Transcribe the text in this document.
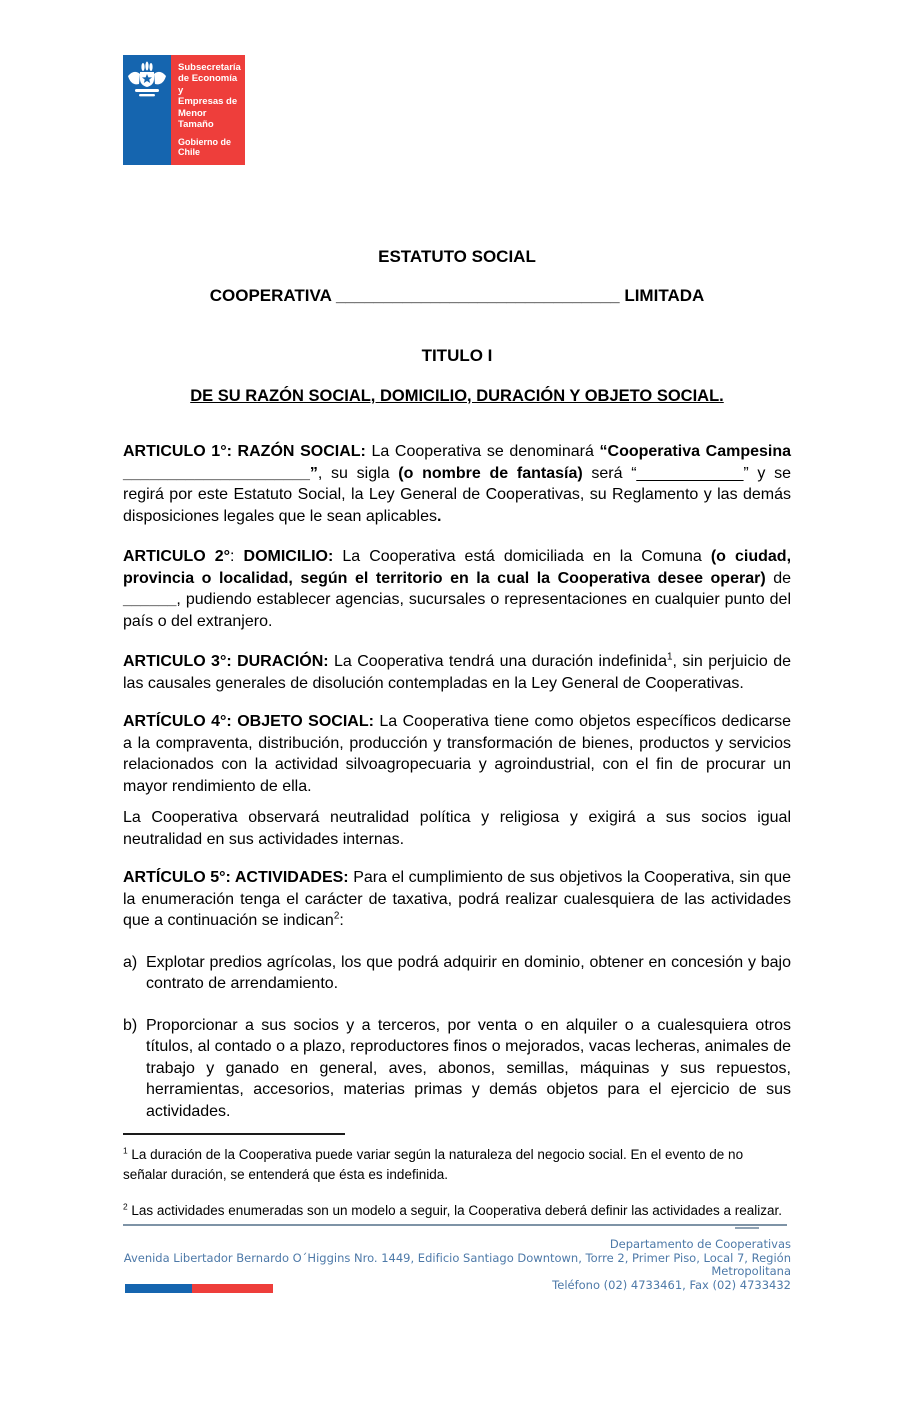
Subsecretaría
de Economía y
Empresas de
Menor Tamaño
Gobierno de Chile
ESTATUTO SOCIAL
COOPERATIVA ______________________________ LIMITADA
TITULO I
DE SU RAZÓN SOCIAL, DOMICILIO, DURACIÓN Y OBJETO SOCIAL.

ARTICULO 1°: RAZÓN SOCIAL: La Cooperativa se denominará “Cooperativa Campesina _____________________”, su sigla (o nombre de fantasía) será “____________” y se regirá por este Estatuto Social, la Ley General de Cooperativas, su Reglamento y las demás disposiciones legales que le sean aplicables.

ARTICULO 2°: DOMICILIO: La Cooperativa está domiciliada en la Comuna (o ciudad, provincia o localidad, según el territorio en la cual la Cooperativa desee operar) de ______, pudiendo establecer agencias, sucursales o representaciones en cualquier punto del país o del extranjero.

ARTICULO 3°: DURACIÓN: La Cooperativa tendrá una duración indefinida$^1$, sin perjuicio de las causales generales de disolución contempladas en la Ley General de Cooperativas.

ARTÍCULO 4°: OBJETO SOCIAL: La Cooperativa tiene como objetos específicos dedicarse a la compraventa, distribución, producción y transformación de bienes, productos y servicios relacionados con la actividad silvoagropecuaria y agroindustrial, con el fin de procurar un mayor rendimiento de ella.

La Cooperativa observará neutralidad política y religiosa y exigirá a sus socios igual neutralidad en sus actividades internas.

ARTÍCULO 5°: ACTIVIDADES: Para el cumplimiento de sus objetivos la Cooperativa, sin que la enumeración tenga el carácter de taxativa, podrá realizar cualesquiera de las actividades que a continuación se indican$^2$:

a) Explotar predios agrícolas, los que podrá adquirir en dominio, obtener en concesión y bajo contrato de arrendamiento.
b) Proporcionar a sus socios y a terceros, por venta o en alquiler o a cualesquiera otros títulos, al contado o a plazo, reproductores finos o mejorados, vacas lecheras, animales de trabajo y ganado en general, aves, abonos, semillas, máquinas y sus repuestos, herramientas, accesorios, materias primas y demás objetos para el ejercicio de sus actividades.

$^1$ La duración de la Cooperativa puede variar según la naturaleza del negocio social. En el evento de no señalar duración, se entenderá que ésta es indefinida.

$^2$ Las actividades enumeradas son un modelo a seguir, la Cooperativa deberá definir las actividades a realizar.

Departamento de Cooperativas
Avenida Libertador Bernardo O´Higgins Nro. 1449, Edificio Santiago Downtown, Torre 2, Primer Piso, Local 7, Región Metropolitana
Teléfono (02) 4733461, Fax (02) 4733432
